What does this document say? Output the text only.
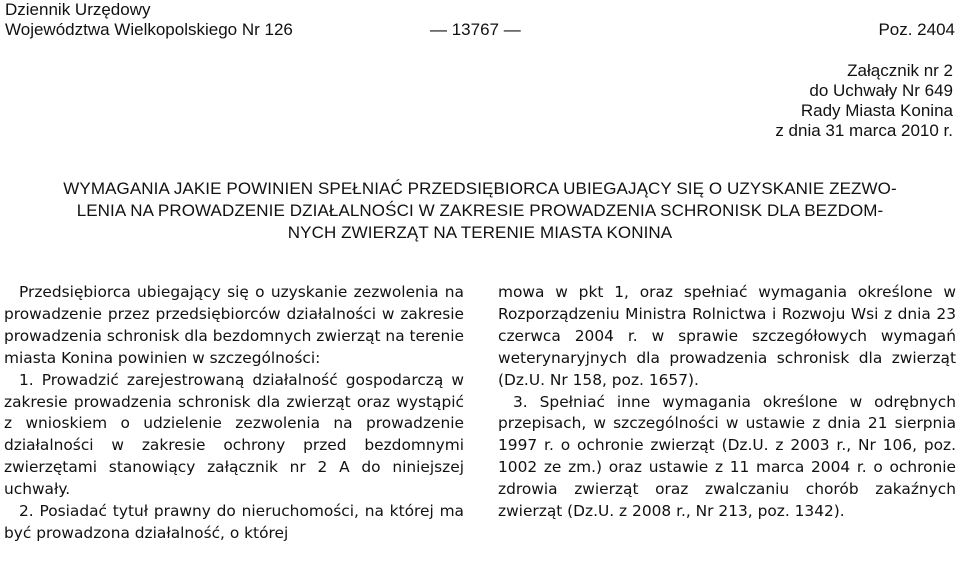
Dziennik Urzędowy
Województwa Wielkopolskiego Nr 126	Poz. 2404
— 13767 —
Załącznik nr 2
do Uchwały Nr 649
Rady Miasta Konina
z dnia 31 marca 2010 r.
WYMAGANIA JAKIE POWINIEN SPEŁNIAĆ PRZEDSIĘBIORCA UBIEGAJĄCY SIĘ O UZYSKANIE ZEZWO-
LENIA NA PROWADZENIE DZIAŁALNOŚCI W ZAKRESIE PROWADZENIA SCHRONISK DLA BEZDOM-
NYCH ZWIERZĄT NA TERENIE MIASTA KONINA

Przedsiębiorca ubiegający się o uzyskanie zezwolenia na prowadzenie przez przedsiębiorców działalności w zakresie prowadzenia schronisk dla bezdomnych zwierząt na terenie miasta Konina powinien w szczególności:

1. Prowadzić zarejestrowaną działalność gospodarczą w zakresie prowadzenia schronisk dla zwierząt oraz wystąpić z wnioskiem o udzielenie zezwolenia na prowadzenie działalności w zakresie ochrony przed bezdomnymi zwierzętami stanowiący załącznik nr 2 A do niniejszej uchwały.

2. Posiadać tytuł prawny do nieruchomości, na której ma być prowadzona działalność, o której

mowa w pkt 1, oraz spełniać wymagania określone w Rozporządzeniu Ministra Rolnictwa i Rozwoju Wsi z dnia 23 czerwca 2004 r. w sprawie szczegółowych wymagań weterynaryjnych dla prowadzenia schronisk dla zwierząt (Dz.U. Nr 158, poz. 1657).

3. Spełniać inne wymagania określone w odrębnych przepisach, w szczególności w ustawie z dnia 21 sierpnia 1997 r. o ochronie zwierząt (Dz.U. z 2003 r., Nr 106, poz. 1002 ze zm.) oraz ustawie z 11 marca 2004 r. o ochronie zdrowia zwierząt oraz zwalczaniu chorób zakaźnych zwierząt (Dz.U. z 2008 r., Nr 213, poz. 1342).
